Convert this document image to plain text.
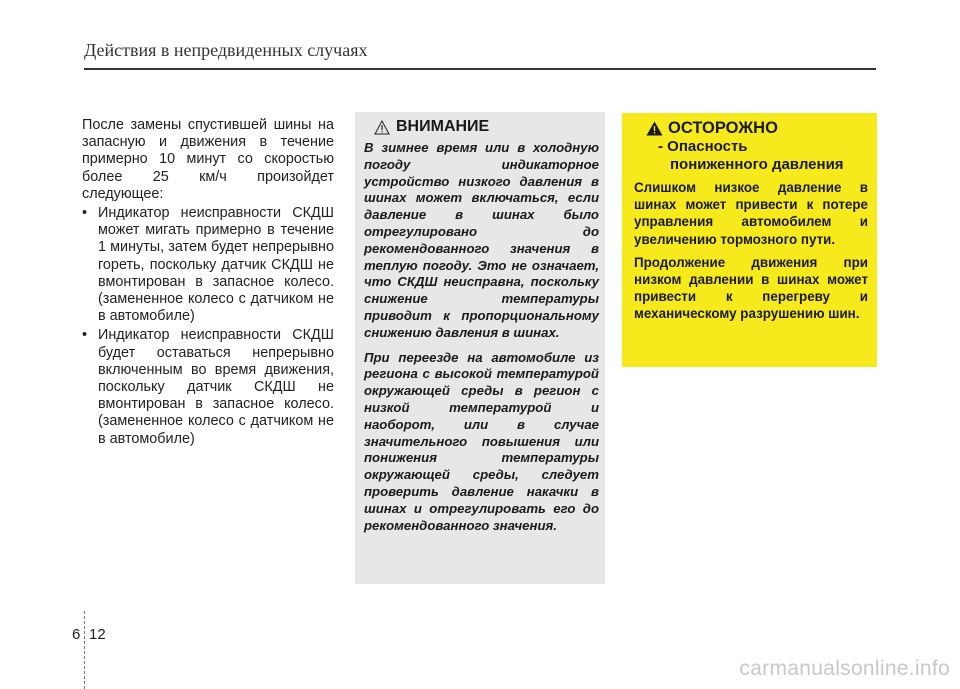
Действия в непредвиденных случаях

После замены спустившей шины на запасную и движения в течение примерно 10 минут со скоростью более 25 км/ч произойдет следующее:

• Индикатор неисправности СКДШ может мигать примерно в течение 1 минуты, затем будет непрерывно гореть, поскольку датчик СКДШ не вмонтирован в запасное колесо. (замененное колесо с датчиком не в автомобиле)
• Индикатор неисправности СКДШ будет оставаться непрерывно включенным во время движения, поскольку датчик СКДШ не вмонтирован в запасное колесо. (замененное колесо с датчиком не в автомобиле)
ВНИМАНИЕ

В зимнее время или в холодную погоду индикаторное устройство низкого давления в шинах может включаться, если давление в шинах было отрегулировано до рекомендованного значения в теплую погоду. Это не означает, что СКДШ неисправна, поскольку снижение температуры приводит к пропорциональному снижению давления в шинах.

При переезде на автомобиле из региона с высокой температурой окружающей среды в регион с низкой температурой и наоборот, или в случае значительного повышения или понижения температуры окружающей среды, следует проверить давление накачки в шинах и отрегулировать его до рекомендованного значения.

ОСТОРОЖНО
- Опасность
пониженного давления

Слишком низкое давление в шинах может привести к потере управления автомобилем и увеличению тормозного пути.

Продолжение движения при низком давлении в шинах может привести к перегреву и механическому разрушению шин.

6 12
carmanualsonline.info
